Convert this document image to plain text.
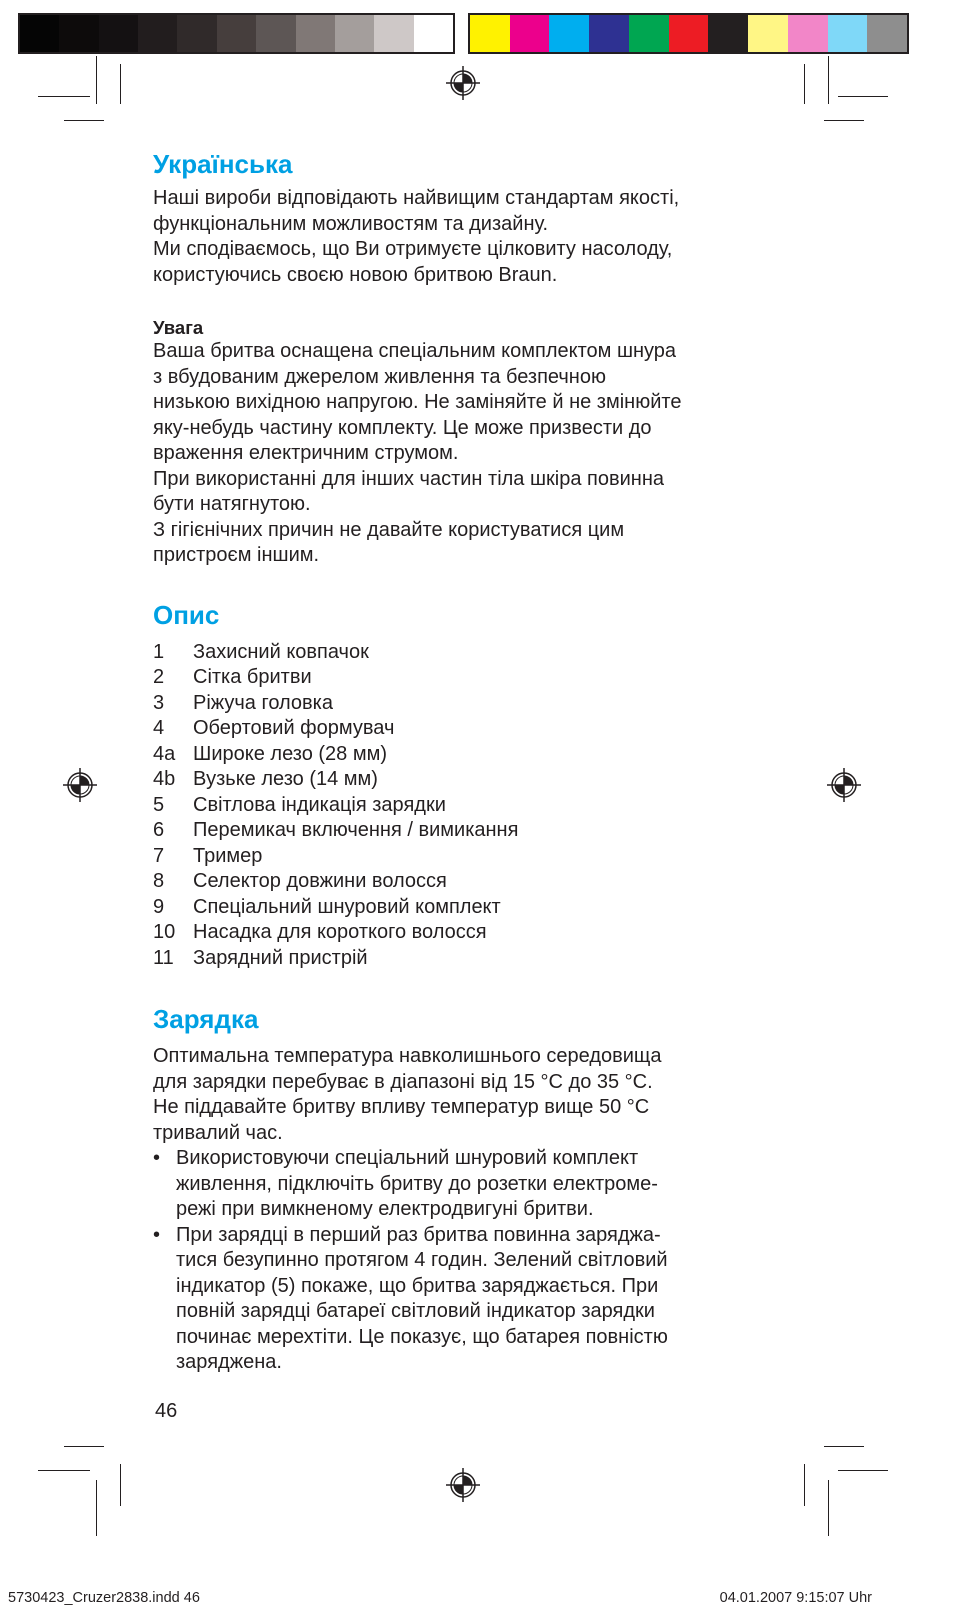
Українська
Наші вироби відповідають найвищим стандартам якості,
функціональним можливостям та дизайну.
Ми сподіваємось, що Ви отримуєте цілковиту насолоду,
користуючись своєю новою бритвою Braun.
Увага
Ваша бритва оснащена спеціальним комплектом шнура
з вбудованим джерелом живлення та безпечною
низькою вихідною напругою. Не заміняйте й не змінюйте
яку-небудь частину комплекту. Це може призвести до
враження електричним струмом.
При використанні для інших частин тіла шкіра повинна
бути натягнутою.
З гігієнічних причин не давайте користуватися цим
пристроєм іншим.
Опис
1	Захисний ковпачок
2	Сітка бритви
3	Ріжуча головка
4	Обертовий формувач
4a Широке лезо (28 мм)
4b Вузьке лезо (14 мм)
5	Світлова індикація зарядки
6	Перемикач включення / вимикання
7	Тример
8	Селектор довжини волосся
9	Спеціальний шнуровий комплект
10 Насадка для короткого волосся
11 Зарядний пристрій
Зарядка
Оптимальна температура навколишнього середовища
для зарядки перебуває в діапазоні від 15 °C до 35 °C.
Не піддавайте бритву впливу температур вище 50 °C
тривалий час.
• Використовуючи спеціальний шнуровий комплект
живлення, підключіть бритву до розетки електроме-
режі при вимкненому електродвигуні бритви.
• При зарядці в перший раз бритва повинна заряджа-
тися безупинно протягом 4 годин. Зелений світловий
індикатор (5) покаже, що бритва заряджається. При
повній зарядці батареї світловий індикатор зарядки
починає мерехтіти. Це показує, що батарея повністю
заряджена.
46
5730423_Cruzer2838.indd 46	04.01.2007 9:15:07 Uhr
